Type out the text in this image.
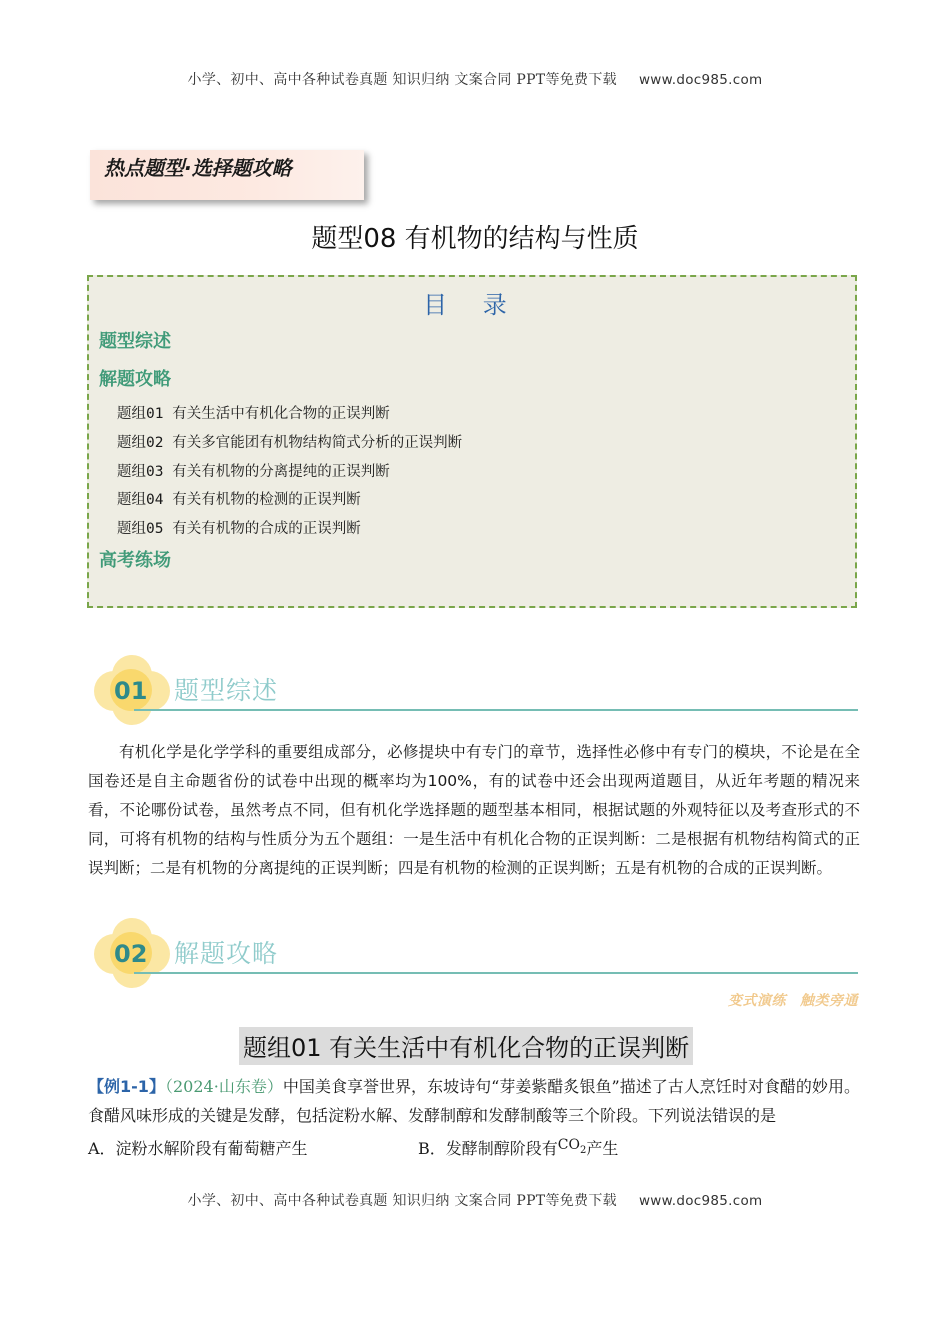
小学、初中、高中各种试卷真题 知识归纳 文案合同 PPT等免费下载 www.doc985.com
热点题型·选择题攻略
题型08 有机物的结构与性质
目 录
题型综述
解题攻略
题组01 有关生活中有机化合物的正误判断
题组02 有关多官能团有机物结构简式分析的正误判断
题组03 有关有机物的分离提纯的正误判断
题组04 有关有机物的检测的正误判断
题组05 有关有机物的合成的正误判断
高考练场
01 题型综述
有机化学是化学学科的重要组成部分，必修提块中有专门的章节，选择性必修中有专门的模块，不论是在全国卷还是自主命题省份的试卷中出现的概率均为100%，有的试卷中还会出现两道题目，从近年考题的精况来看，不论哪份试卷，虽然考点不同，但有机化学选择题的题型基本相同，根据试题的外观特征以及考查形式的不同，可将有机物的结构与性质分为五个题组：一是生活中有机化合物的正误判断：二是根据有机物结构简式的正误判断；二是有机物的分离提纯的正误判断；四是有机物的检测的正误判断；五是有机物的合成的正误判断。
02 解题攻略
变式演练 触类旁通
题组01 有关生活中有机化合物的正误判断
【例1-1】（2024·山东卷）中国美食享誉世界，东坡诗句“芽姜紫醋炙银鱼”描述了古人烹饪时对食醋的妙用。食醋风味形成的关键是发酵，包括淀粉水解、发酵制醇和发酵制酸等三个阶段。下列说法错误的是
A．淀粉水解阶段有葡萄糖产生	B．发酵制醇阶段有$CO_2$产生
小学、初中、高中各种试卷真题 知识归纳 文案合同 PPT等免费下载 www.doc985.com
